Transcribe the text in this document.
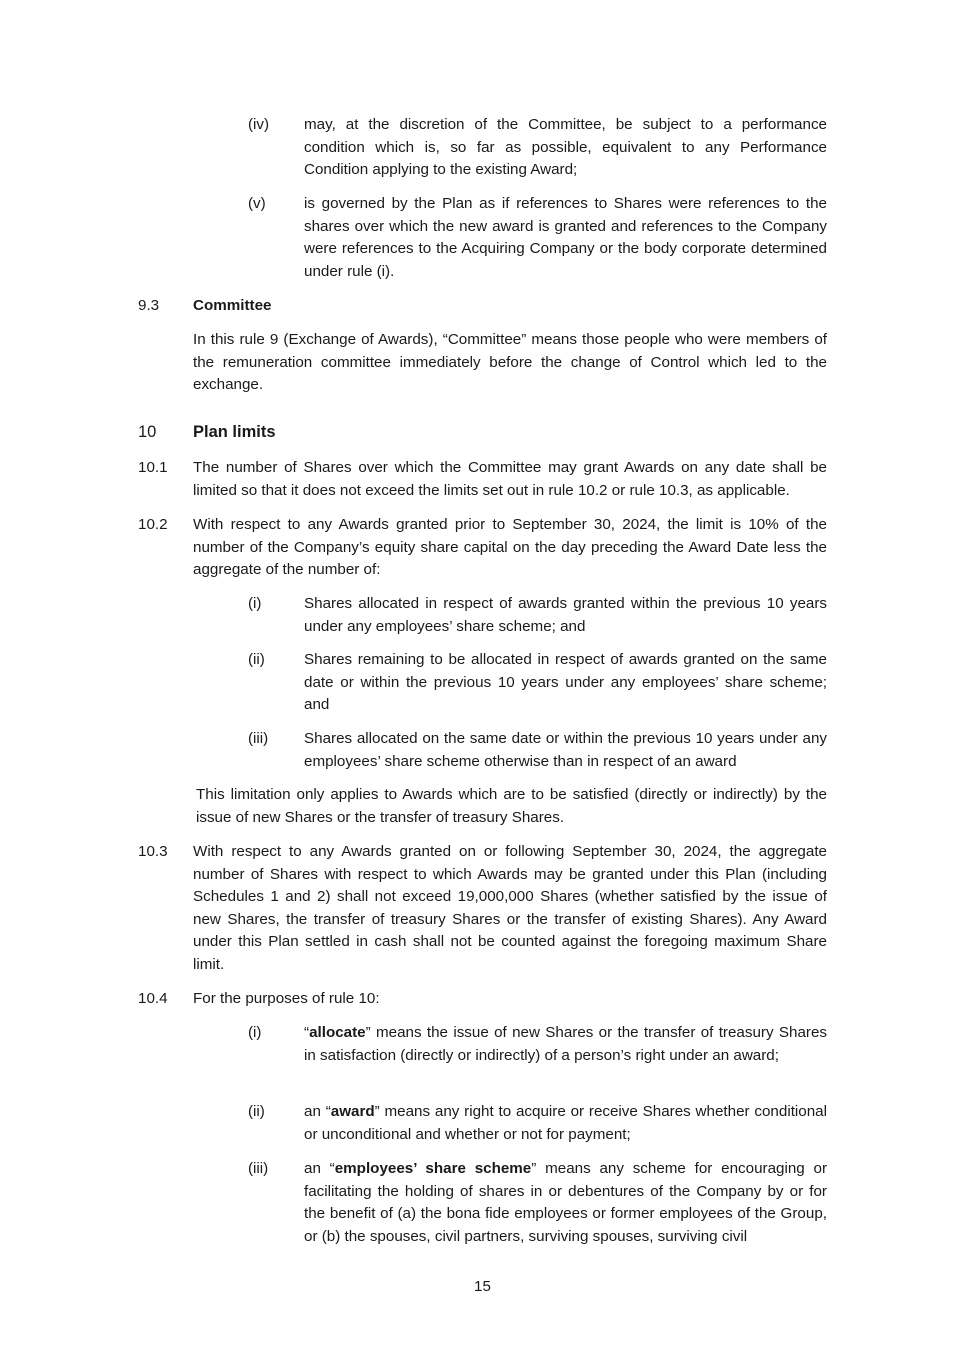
(iv) may, at the discretion of the Committee, be subject to a performance condition which is, so far as possible, equivalent to any Performance Condition applying to the existing Award;

(v)	is governed by the Plan as if references to Shares were references to the shares over which the new award is granted and references to the Company were references to the Acquiring Company or the body corporate determined under rule (i).

9.3 Committee

In this rule 9 (Exchange of Awards), “Committee” means those people who were members of the remuneration committee immediately before the change of Control which led to the exchange.

10 Plan limits

10.1 The number of Shares over which the Committee may grant Awards on any date shall be limited so that it does not exceed the limits set out in rule 10.2 or rule 10.3, as applicable.

10.2 With respect to any Awards granted prior to September 30, 2024, the limit is 10% of the number of the Company’s equity share capital on the day preceding the Award Date less the aggregate of the number of:

(i)	Shares allocated in respect of awards granted within the previous 10 years under any employees’ share scheme; and

(ii)	Shares remaining to be allocated in respect of awards granted on the same date or within the previous 10 years under any employees’ share scheme; and

(iii) Shares allocated on the same date or within the previous 10 years under any employees’ share scheme otherwise than in respect of an award

This limitation only applies to Awards which are to be satisfied (directly or indirectly) by the issue of new Shares or the transfer of treasury Shares.

10.3 With respect to any Awards granted on or following September 30, 2024, the aggregate number of Shares with respect to which Awards may be granted under this Plan (including Schedules 1 and 2) shall not exceed 19,000,000 Shares (whether satisfied by the issue of new Shares, the transfer of treasury Shares or the transfer of existing Shares). Any Award under this Plan settled in cash shall not be counted against the foregoing maximum Share limit.

10.4 For the purposes of rule 10:

(i)	“allocate” means the issue of new Shares or the transfer of treasury Shares in satisfaction (directly or indirectly) of a person’s right under an award;

(ii)	an “award” means any right to acquire or receive Shares whether conditional or unconditional and whether or not for payment;

(iii) an “employees’ share scheme” means any scheme for encouraging or facilitating the holding of shares in or debentures of the Company by or for the benefit of (a) the bona fide employees or former employees of the Group, or (b) the spouses, civil partners, surviving spouses, surviving civil

15
